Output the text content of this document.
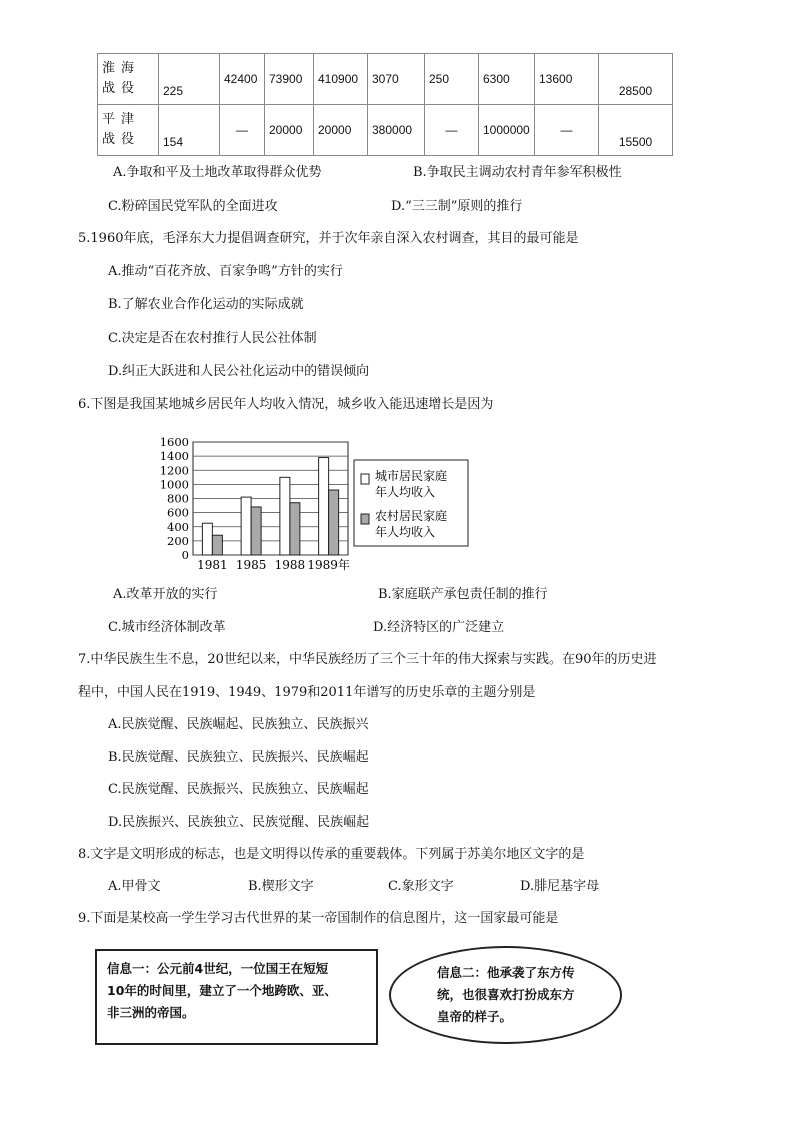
淮海战役	225	42400	73900	410900	3070	250	6300	13600	28500
平津战役	154	—	20000	20000	380000	—	1000000	—	15500
A.争取和平及土地改革取得群众优势	B.争取民主调动农村青年参军积极性
C.粉碎国民党军队的全面进攻	D.“三三制”原则的推行
5.1960年底，毛泽东大力提倡调查研究，并于次年亲自深入农村调查，其目的最可能是
A.推动“百花齐放、百家争鸣”方针的实行
B.了解农业合作化运动的实际成就
C.决定是否在农村推行人民公社体制
D.纠正大跃进和人民公社化运动中的错误倾向
6.下图是我国某地城乡居民年人均收入情况，城乡收入能迅速增长是因为
0
200
400
600
800
1000
1200
1400
1600
1981 1985 1988 1989年
城市居民家庭
年人均收入
农村居民家庭
年人均收入
A.改革开放的实行	B.家庭联产承包责任制的推行
C.城市经济体制改革	D.经济特区的广泛建立
7.中华民族生生不息，20世纪以来，中华民族经历了三个三十年的伟大探索与实践。在90年的历史进
程中，中国人民在1919、1949、1979和2011年谱写的历史乐章的主题分别是
A.民族觉醒、民族崛起、民族独立、民族振兴
B.民族觉醒、民族独立、民族振兴、民族崛起
C.民族觉醒、民族振兴、民族独立、民族崛起
D.民族振兴、民族独立、民族觉醒、民族崛起
8.文字是文明形成的标志，也是文明得以传承的重要载体。下列属于苏美尔地区文字的是
A.甲骨文	B.楔形文字	C.象形文字	D.腓尼基字母
9.下面是某校高一学生学习古代世界的某一帝国制作的信息图片，这一国家最可能是
信息一：公元前4世纪，一位国王在短短
10年的时间里，建立了一个地跨欧、亚、
非三洲的帝国。
信息二：他承袭了东方传
统，也很喜欢打扮成东方
皇帝的样子。
